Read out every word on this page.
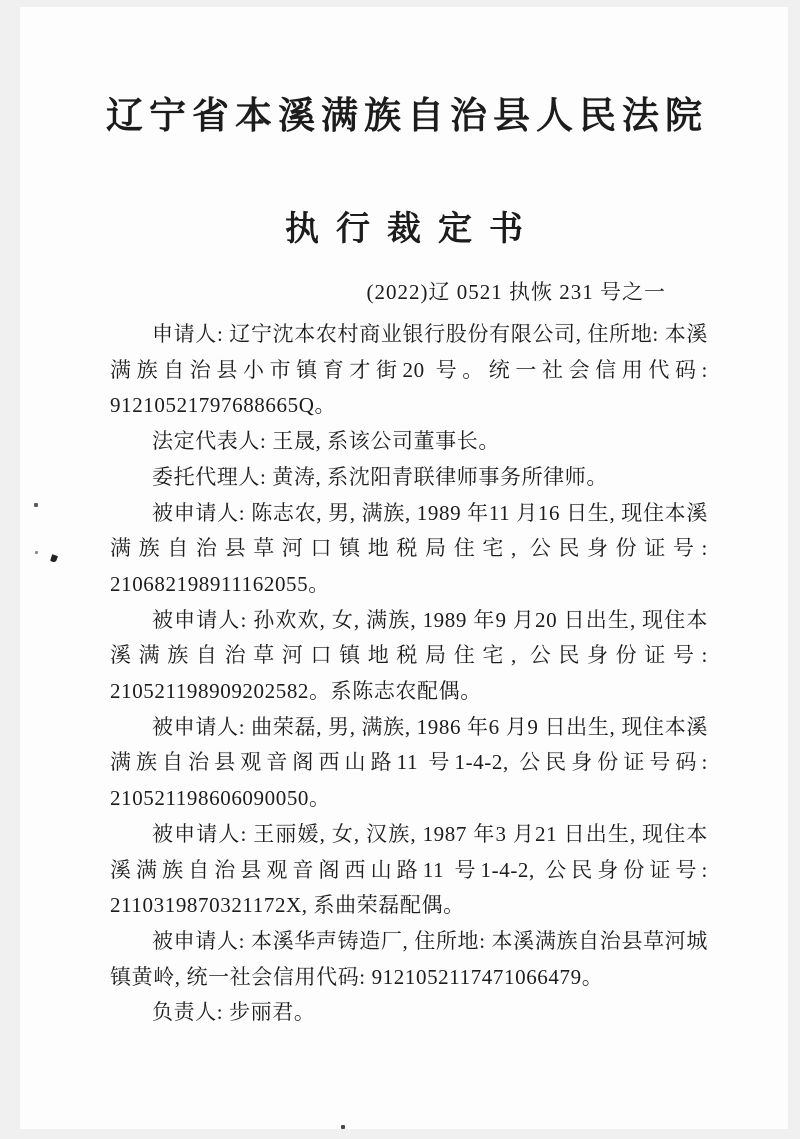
辽宁省本溪满族自治县人民法院
执行裁定书
(2022)辽 0521 执恢 231 号之一

申请人: 辽宁沈本农村商业银行股份有限公司, 住所地: 本溪满族自治县小市镇育才街20 号。统一社会信用代码: 91210521797688665Q。

法定代表人: 王晟, 系该公司董事长。

委托代理人: 黄涛, 系沈阳青联律师事务所律师。

被申请人: 陈志农, 男, 满族, 1989 年11 月16 日生, 现住本溪满族自治县草河口镇地税局住宅, 公民身份证号: 210682198911162055。

被申请人: 孙欢欢, 女, 满族, 1989 年9 月20 日出生, 现住本溪满族自治草河口镇地税局住宅, 公民身份证号: 210521198909202582。系陈志农配偶。

被申请人: 曲荣磊, 男, 满族, 1986 年6 月9 日出生, 现住本溪满族自治县观音阁西山路11 号1-4-2, 公民身份证号码: 210521198606090050。

被申请人: 王丽媛, 女, 汉族, 1987 年3 月21 日出生, 现住本溪满族自治县观音阁西山路11 号1-4-2, 公民身份证号: 2110319870321172X, 系曲荣磊配偶。

被申请人: 本溪华声铸造厂, 住所地: 本溪满族自治县草河城镇黄岭, 统一社会信用代码: 9121052117471066479。

负责人: 步丽君。
